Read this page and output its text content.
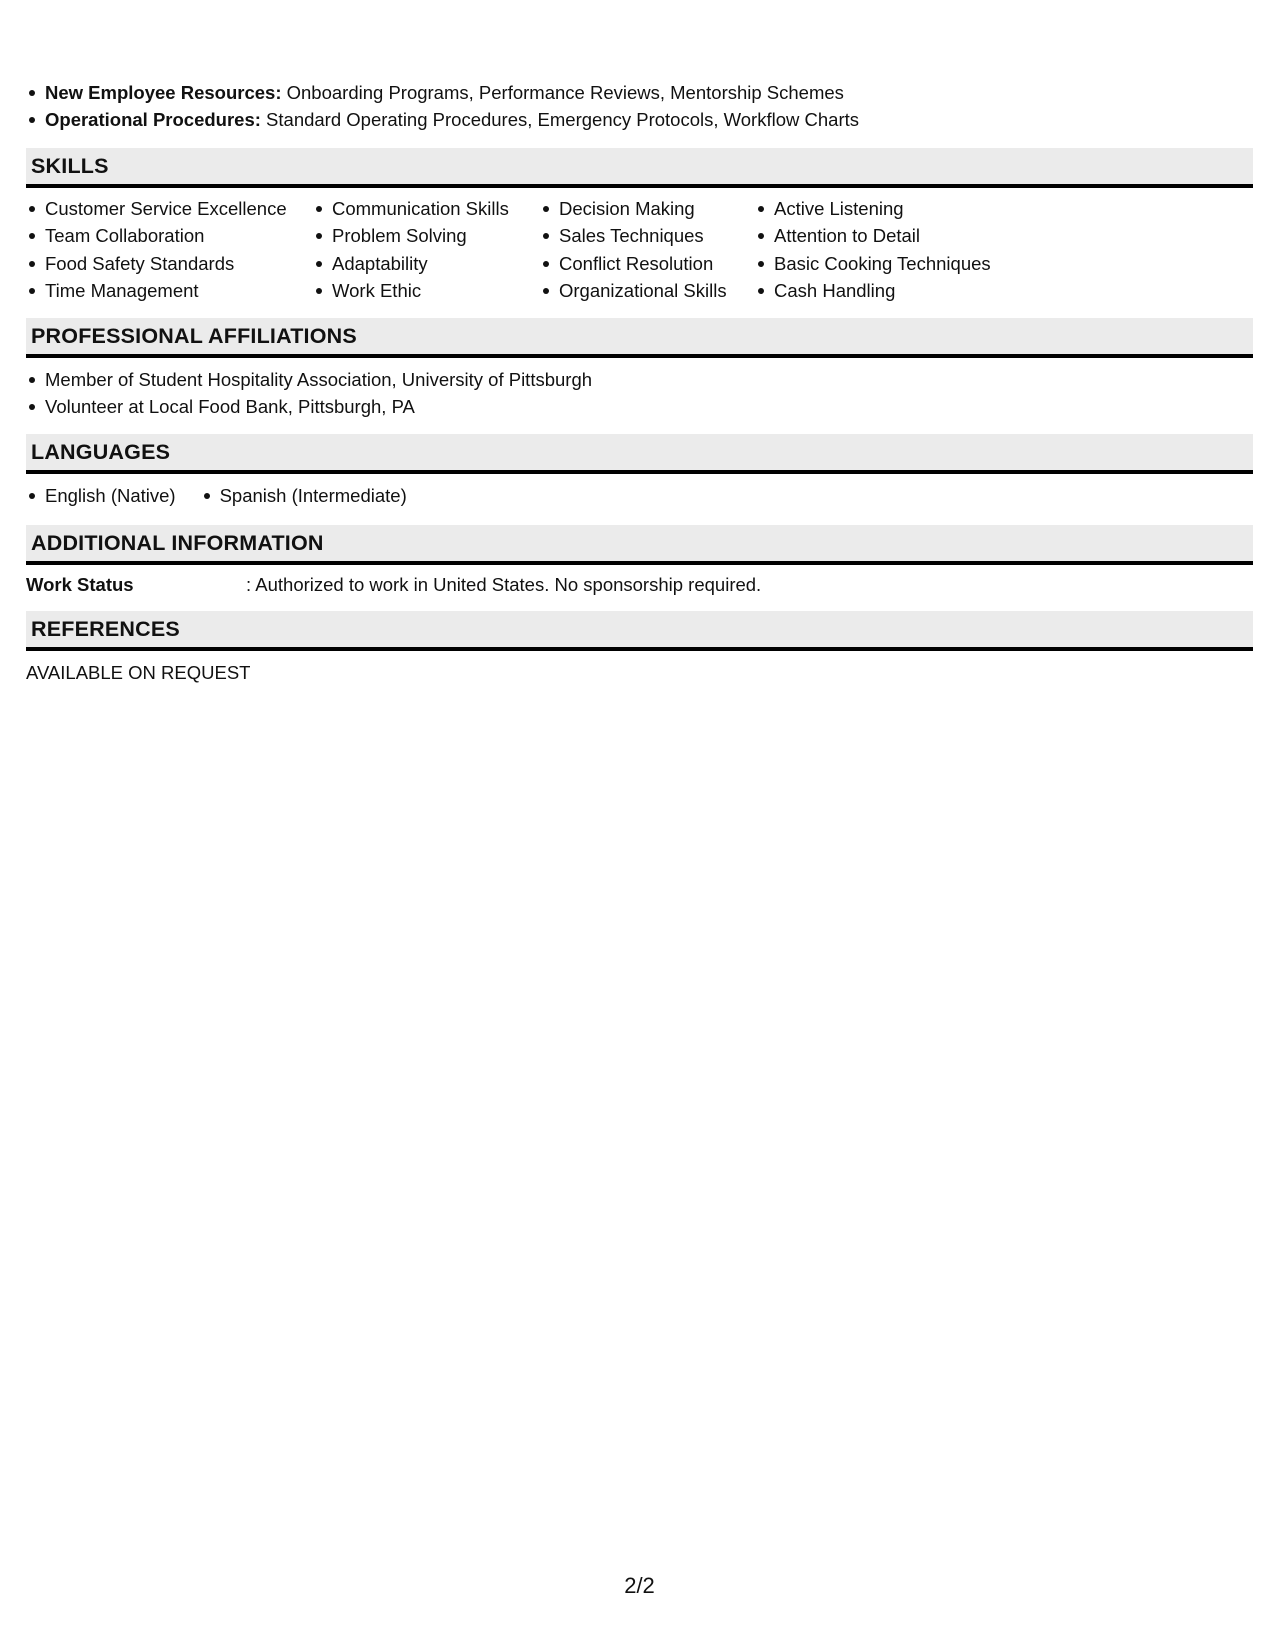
New Employee Resources: Onboarding Programs, Performance Reviews, Mentorship Schemes
Operational Procedures: Standard Operating Procedures, Emergency Protocols, Workflow Charts
SKILLS
Customer Service Excellence
Team Collaboration
Food Safety Standards
Time Management
Communication Skills
Problem Solving
Adaptability
Work Ethic
Decision Making
Sales Techniques
Conflict Resolution
Organizational Skills
Active Listening
Attention to Detail
Basic Cooking Techniques
Cash Handling
PROFESSIONAL AFFILIATIONS
Member of Student Hospitality Association, University of Pittsburgh
Volunteer at Local Food Bank, Pittsburgh, PA
LANGUAGES
English (Native)	Spanish (Intermediate)
ADDITIONAL INFORMATION
Work Status	: Authorized to work in United States. No sponsorship required.
REFERENCES
AVAILABLE ON REQUEST
2/2
